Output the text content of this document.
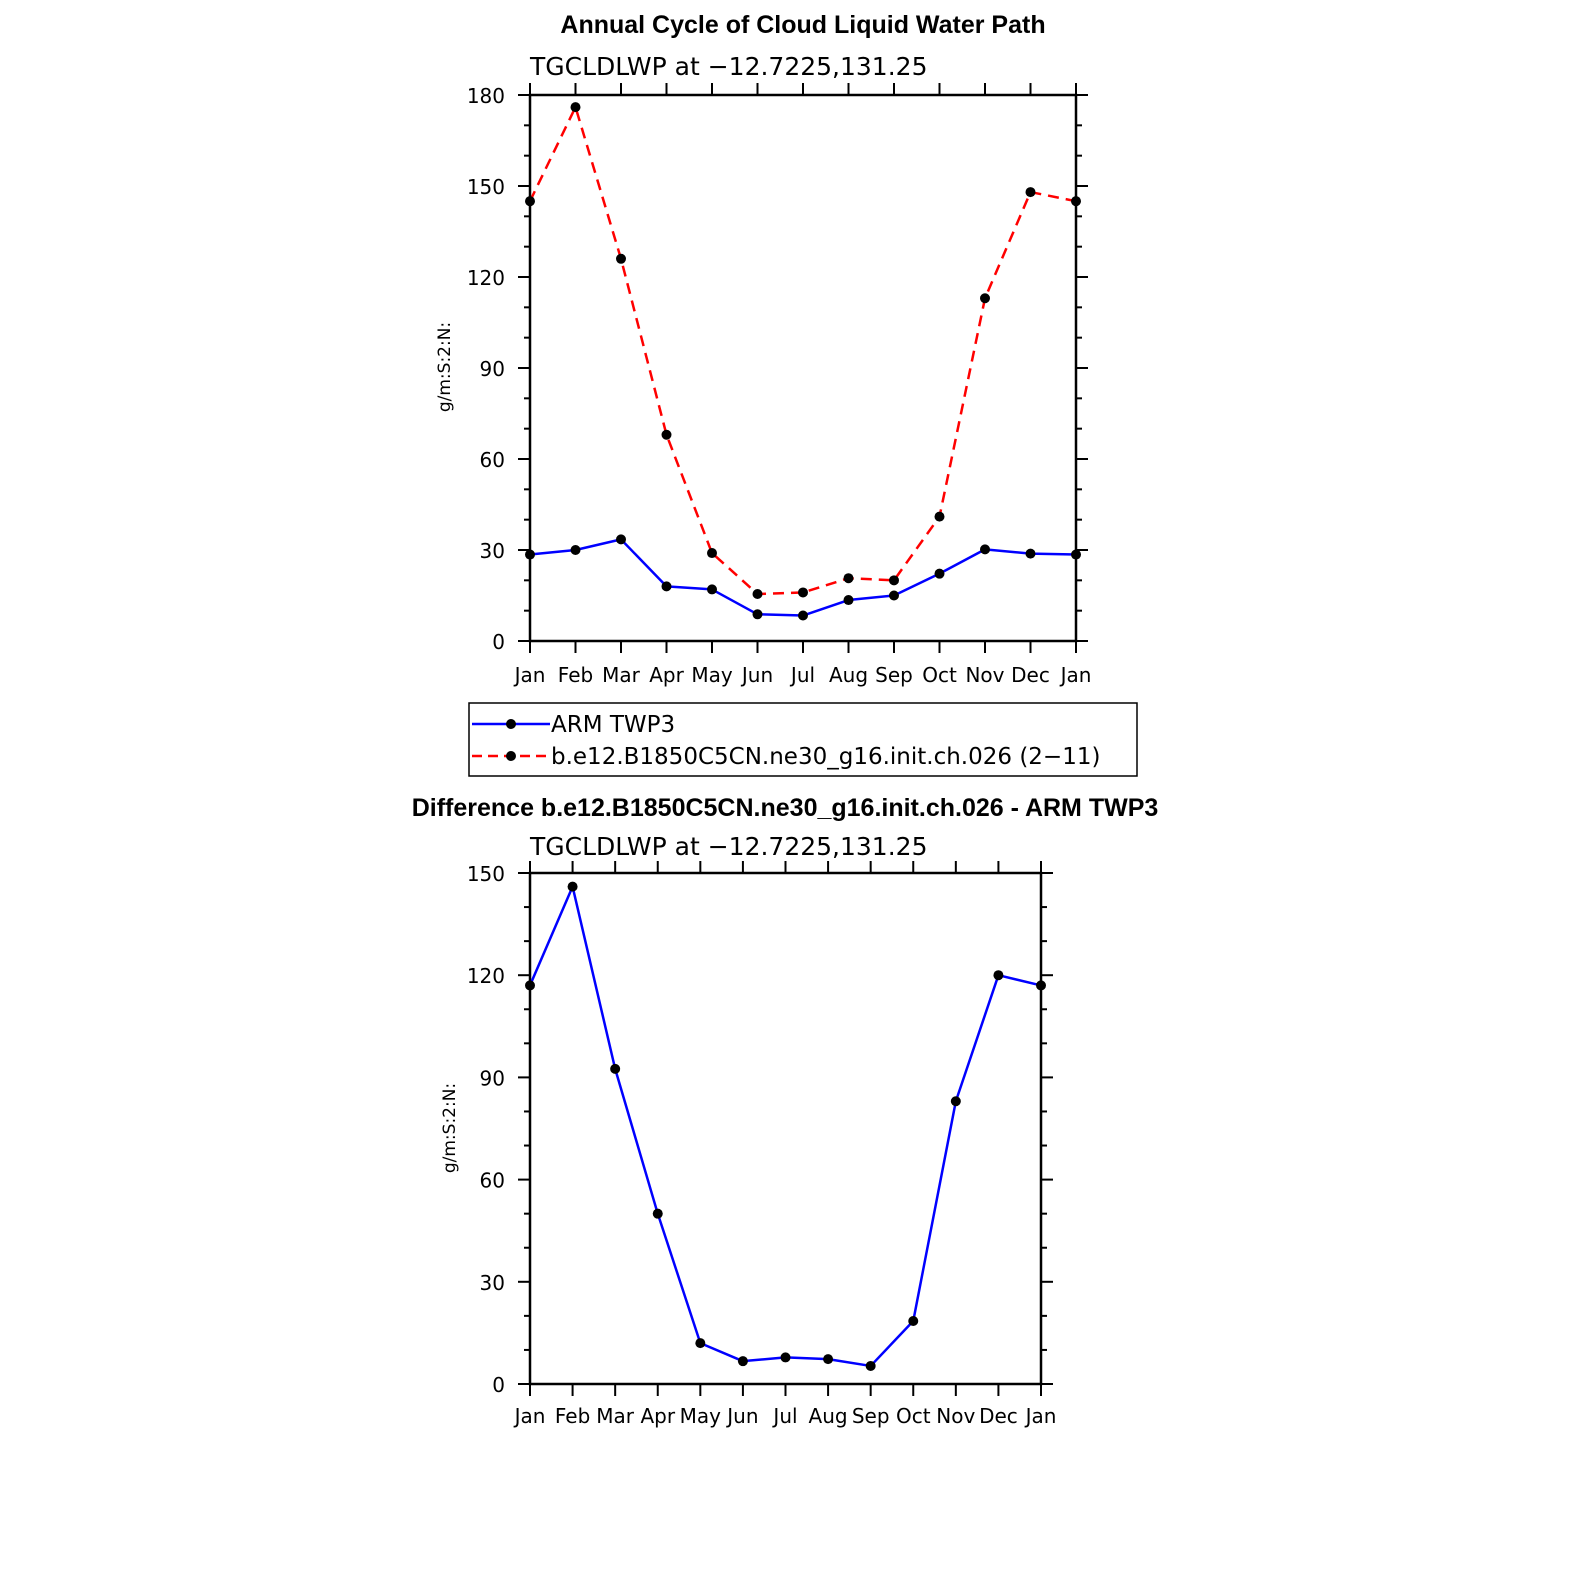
Annual Cycle of Cloud Liquid Water Path
TGCLDLWP at −12.7225,131.25
g/m:S:2:N:
0
30
60
90
120
150
180
Jan Feb Mar Apr May Jun Jul Aug Sep Oct Nov Dec Jan
ARM TWP3
b.e12.B1850C5CN.ne30_g16.init.ch.026 (2−11)
Difference b.e12.B1850C5CN.ne30_g16.init.ch.026 - ARM TWP3
TGCLDLWP at −12.7225,131.25
g/m:S:2:N:
0
30
60
90
120
150
Jan Feb Mar Apr May Jun Jul Aug Sep Oct Nov Dec Jan
